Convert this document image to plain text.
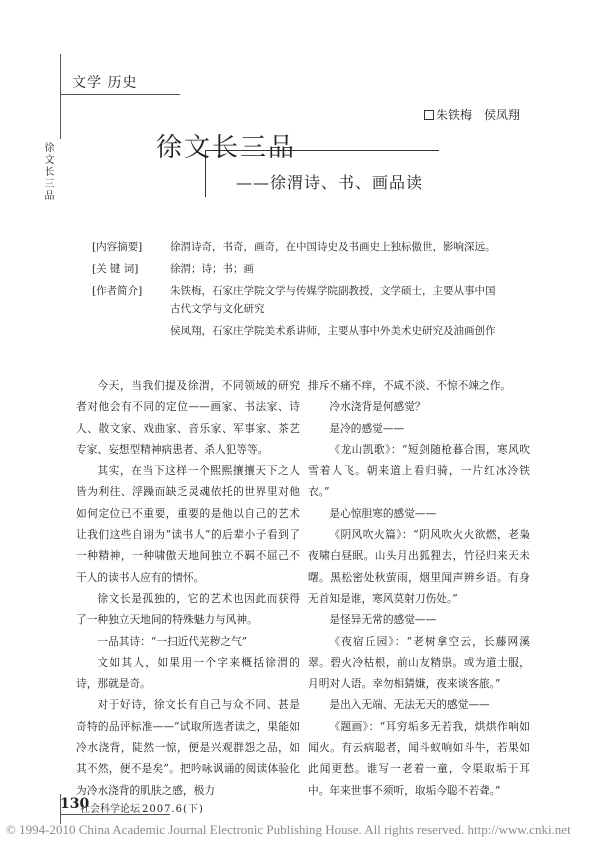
文学 历史
徐文长三品
朱铁梅　侯凤翔
徐文长三品
——徐渭诗、书、画品读
[内容摘要]	徐渭诗奇，书奇，画奇，在中国诗史及书画史上独标傲世，影响深远。
[关 键 词]	徐渭；诗；书；画
[作者简介]	朱铁梅，石家庄学院文学与传媒学院副教授，文学硕士，主要从事中国
古代文学与文化研究
侯凤翔，石家庄学院美术系讲师，主要从事中外美术史研究及油画创作

今天，当我们提及徐渭，不同领域的研究者对他会有不同的定位——画家、书法家、诗人、散文家、戏曲家、音乐家、军事家、茶艺专家、妄想型精神病患者、杀人犯等等。

其实，在当下这样一个熙熙攘攘天下之人皆为利往、浮躁而缺乏灵魂依托的世界里对他如何定位已不重要，重要的是他以自己的艺术让我们这些自诩为“读书人”的后辈小子看到了一种精神，一种啸傲天地间独立不羁不屈己不干人的读书人应有的情怀。

徐文长是孤独的，它的艺术也因此而获得了一种独立天地间的特殊魅力与风神。

一品其诗：“一扫近代芜秽之气”

文如其人，如果用一个字来概括徐渭的诗，那就是奇。

对于好诗，徐文长有自己与众不同、甚是奇特的品评标准——“试取所选者读之，果能如冷水浇背，陡然一惊，便是兴观群怨之品，如其不然，便不是矣”。把吟咏讽诵的阅读体验化为冷水浇背的肌肤之感，极力

排斥不痛不痒，不咸不淡、不惊不竦之作。

冷水浇背是何感觉？

是冷的感觉——

《龙山凯歌》：“短剑随枪暮合围，寒风吹雪着人飞。朝来道上看归骑，一片红冰冷铁衣。”

是心惊胆寒的感觉——

《阴风吹火篇》：“阴风吹火火欲燃，老枭夜啸白昼眠。山头月出狐狸去，竹径归来天未曙。黑松密处秋萤雨，烟里闻声辨乡语。有身无首知是谁，寒风莫射刀伤处。”

是怪异无常的感觉——

《夜宿丘园》：“老树拿空云，长藤网溪翠。碧火冷枯根，前山友精祟。或为道士服，月明对人语。幸勿相猜嫌，夜来谈客旅。”

是出入无端、无法无天的感觉——

《题画》：“耳穷垢多无若我，烘烘作响如闻火。有云病聪者，闻斗蚁响如斗牛，若果如此闻更愁。谁写一老着一童，令渠取垢于耳中。年来世事不须听，取垢今聪不若聋。”

130
社会科学论坛 2007.6(下)
© 1994-2010 China Academic Journal Electronic Publishing House. All rights reserved. http://www.cnki.net
